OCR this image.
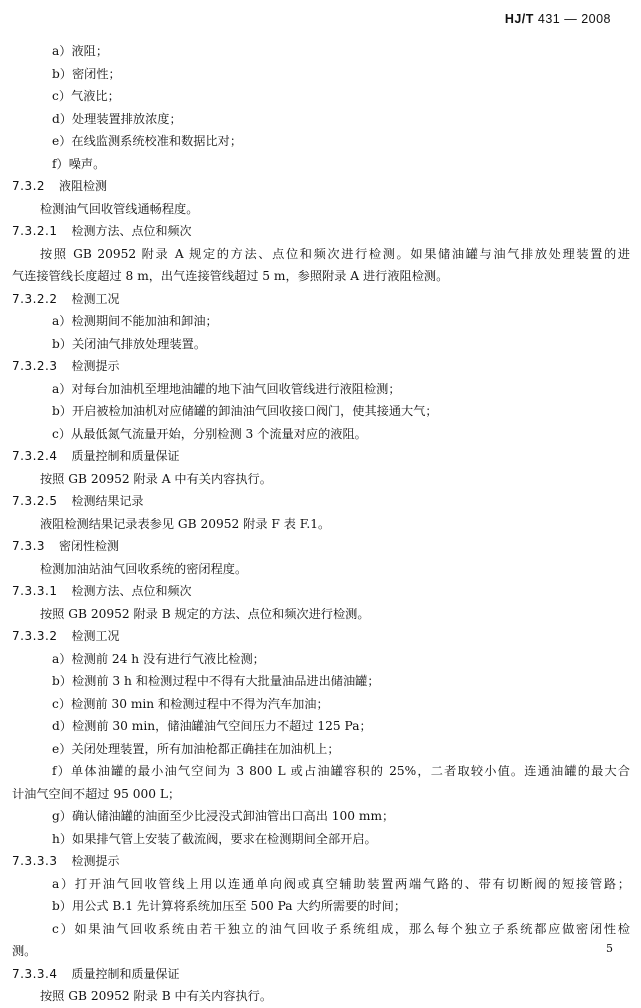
HJ/T 431 — 2008
a）液阻；
b）密闭性；
c）气液比；
d）处理装置排放浓度；
e）在线监测系统校准和数据比对；
f）噪声。
7.3.2 液阻检测
检测油气回收管线通畅程度。
7.3.2.1 检测方法、点位和频次
按照 GB 20952 附录 A 规定的方法、点位和频次进行检测。如果储油罐与油气排放处理装置的进
气连接管线长度超过 8 m，出气连接管线超过 5 m，参照附录 A 进行液阻检测。
7.3.2.2 检测工况
a）检测期间不能加油和卸油；
b）关闭油气排放处理装置。
7.3.2.3 检测提示
a）对每台加油机至埋地油罐的地下油气回收管线进行液阻检测；
b）开启被检加油机对应储罐的卸油油气回收接口阀门，使其接通大气；
c）从最低氮气流量开始，分别检测 3 个流量对应的液阻。
7.3.2.4 质量控制和质量保证
按照 GB 20952 附录 A 中有关内容执行。
7.3.2.5 检测结果记录
液阻检测结果记录表参见 GB 20952 附录 F 表 F.1。
7.3.3 密闭性检测
检测加油站油气回收系统的密闭程度。
7.3.3.1 检测方法、点位和频次
按照 GB 20952 附录 B 规定的方法、点位和频次进行检测。
7.3.3.2 检测工况
a）检测前 24 h 没有进行气液比检测；
b）检测前 3 h 和检测过程中不得有大批量油品进出储油罐；
c）检测前 30 min 和检测过程中不得为汽车加油；
d）检测前 30 min，储油罐油气空间压力不超过 125 Pa；
e）关闭处理装置，所有加油枪都正确挂在加油机上；
f）单体油罐的最小油气空间为 3 800 L 或占油罐容积的 25%，二者取较小值。连通油罐的最大合
计油气空间不超过 95 000 L；
g）确认储油罐的油面至少比浸没式卸油管出口高出 100 mm；
h）如果排气管上安装了截流阀，要求在检测期间全部开启。
7.3.3.3 检测提示
a）打开油气回收管线上用以连通单向阀或真空辅助装置两端气路的、带有切断阀的短接管路；
b）用公式 B.1 先计算将系统加压至 500 Pa 大约所需要的时间；
c）如果油气回收系统由若干独立的油气回收子系统组成，那么每个独立子系统都应做密闭性检
测。
7.3.3.4 质量控制和质量保证
按照 GB 20952 附录 B 中有关内容执行。
5
